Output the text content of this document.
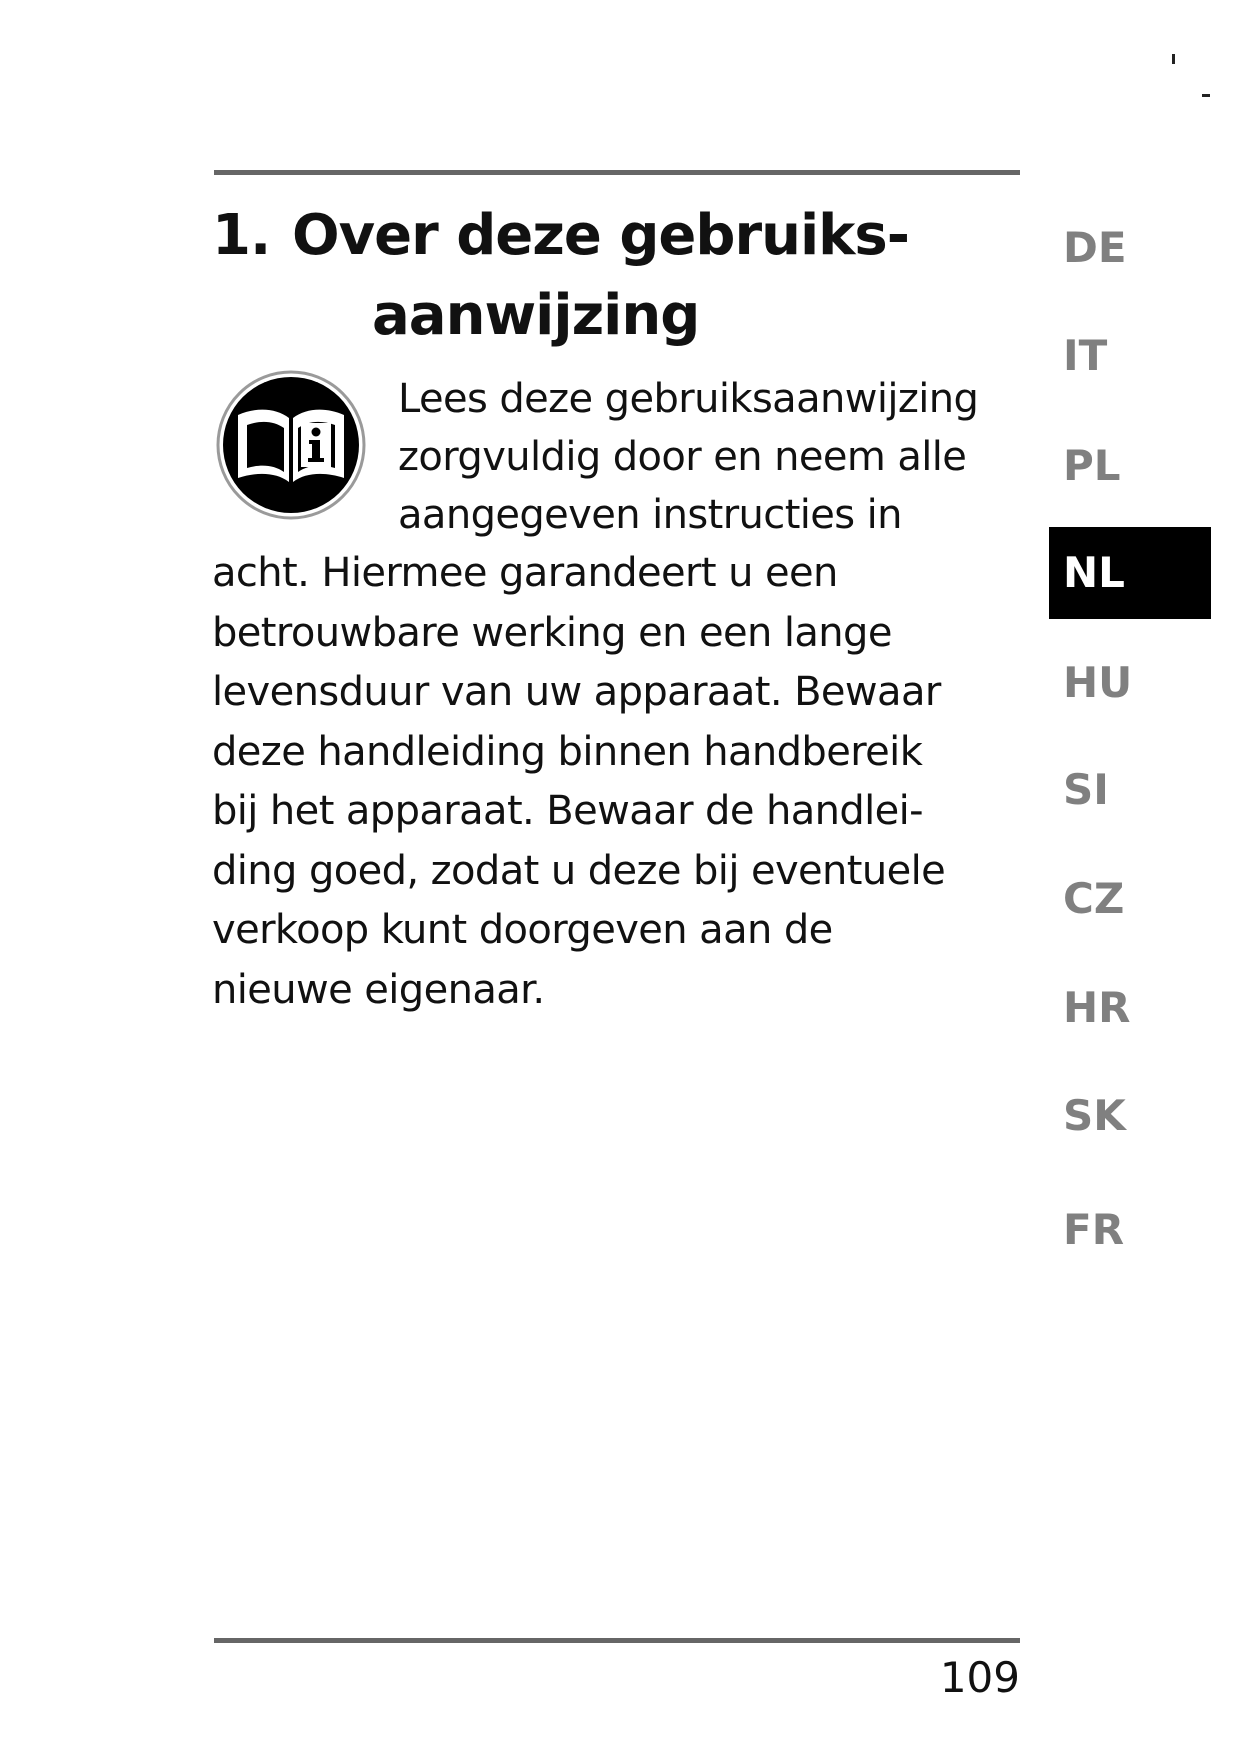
1. Over deze gebruiks-
aanwijzing
Lees deze gebruiksaanwijzing
zorgvuldig door en neem alle
aangegeven instructies in
acht. Hiermee garandeert u een
betrouwbare werking en een lange
levensduur van uw apparaat. Bewaar
deze handleiding binnen handbereik
bij het apparaat. Bewaar de handlei-
ding goed, zodat u deze bij eventuele
verkoop kunt doorgeven aan de
nieuwe eigenaar.
DE
IT
PL
NL
HU
SI
CZ
HR
SK
FR
109
